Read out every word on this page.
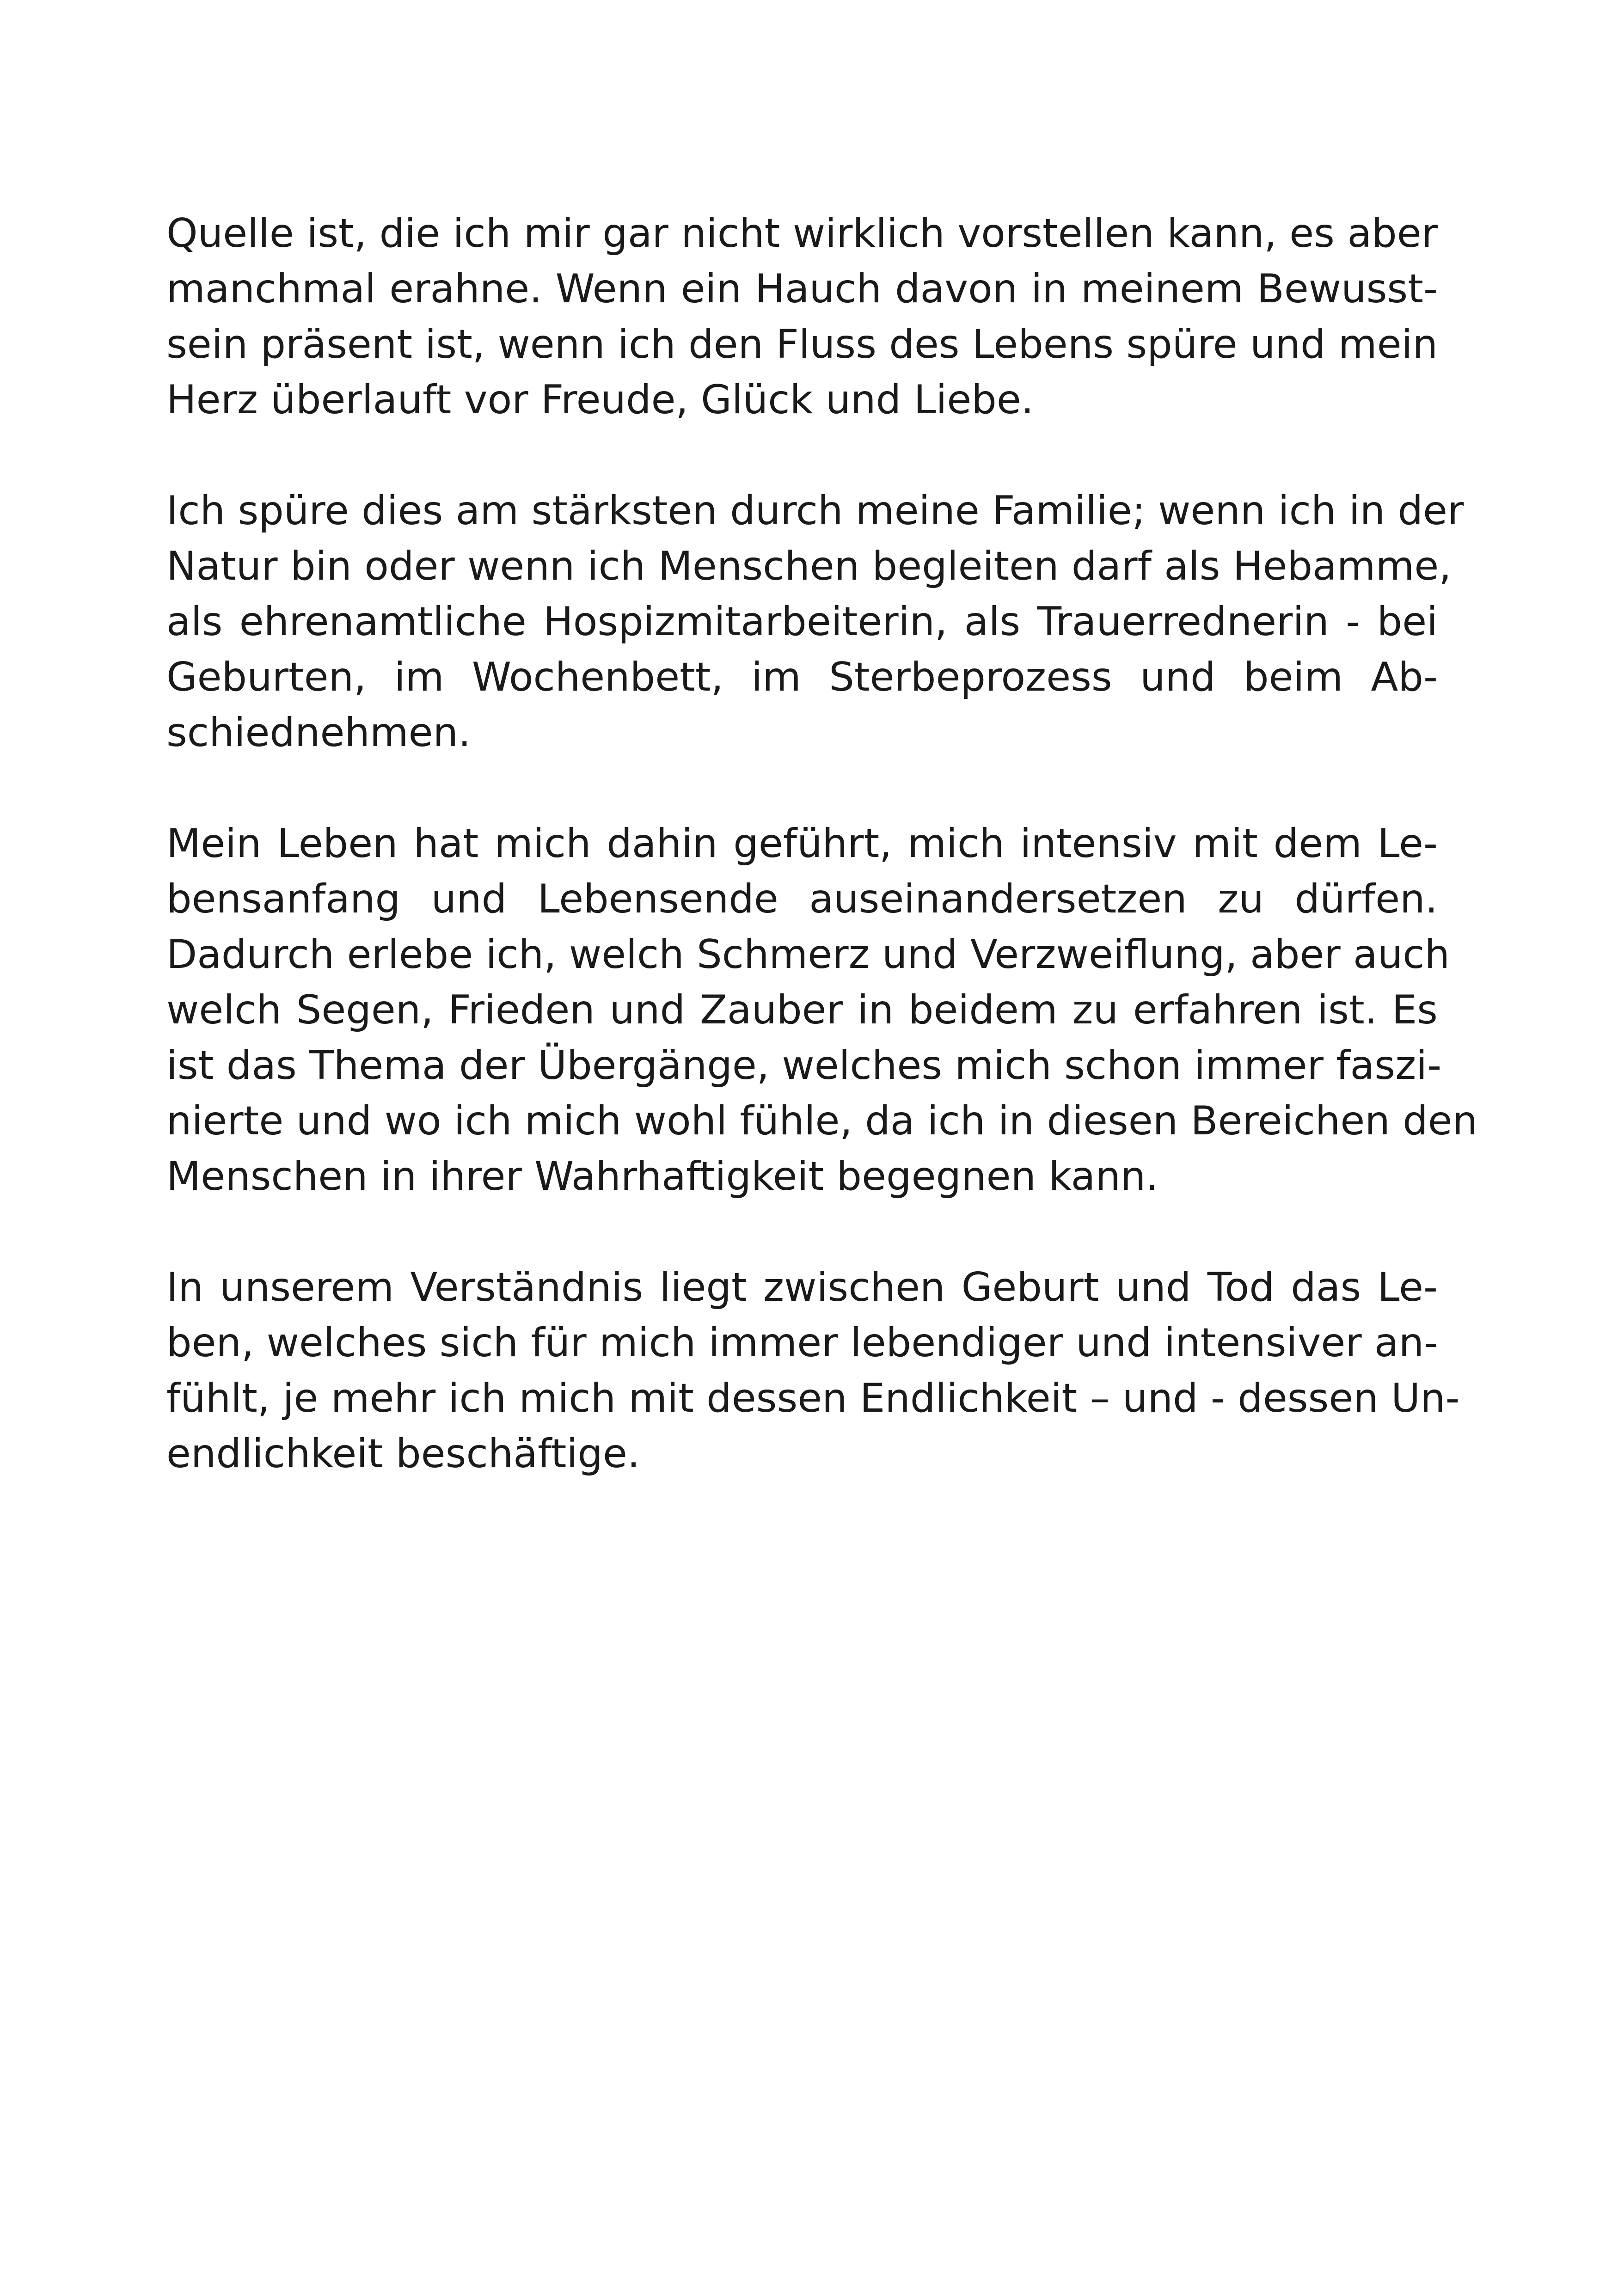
Quelle ist, die ich mir gar nicht wirklich vorstellen kann, es aber
manchmal erahne. Wenn ein Hauch davon in meinem Bewusst-
sein präsent ist, wenn ich den Fluss des Lebens spüre und mein
Herz überlauft vor Freude, Glück und Liebe.
Ich spüre dies am stärksten durch meine Familie; wenn ich in der
Natur bin oder wenn ich Menschen begleiten darf als Hebamme,
als ehrenamtliche Hospizmitarbeiterin, als Trauerrednerin - bei
Geburten, im Wochenbett, im Sterbeprozess und beim Ab-
schiednehmen.
Mein Leben hat mich dahin geführt, mich intensiv mit dem Le-
bensanfang und Lebensende auseinandersetzen zu dürfen.
Dadurch erlebe ich, welch Schmerz und Verzweiflung, aber auch
welch Segen, Frieden und Zauber in beidem zu erfahren ist. Es
ist das Thema der Übergänge, welches mich schon immer faszi-
nierte und wo ich mich wohl fühle, da ich in diesen Bereichen den
Menschen in ihrer Wahrhaftigkeit begegnen kann.
In unserem Verständnis liegt zwischen Geburt und Tod das Le-
ben, welches sich für mich immer lebendiger und intensiver an-
fühlt, je mehr ich mich mit dessen Endlichkeit – und - dessen Un-
endlichkeit beschäftige.
